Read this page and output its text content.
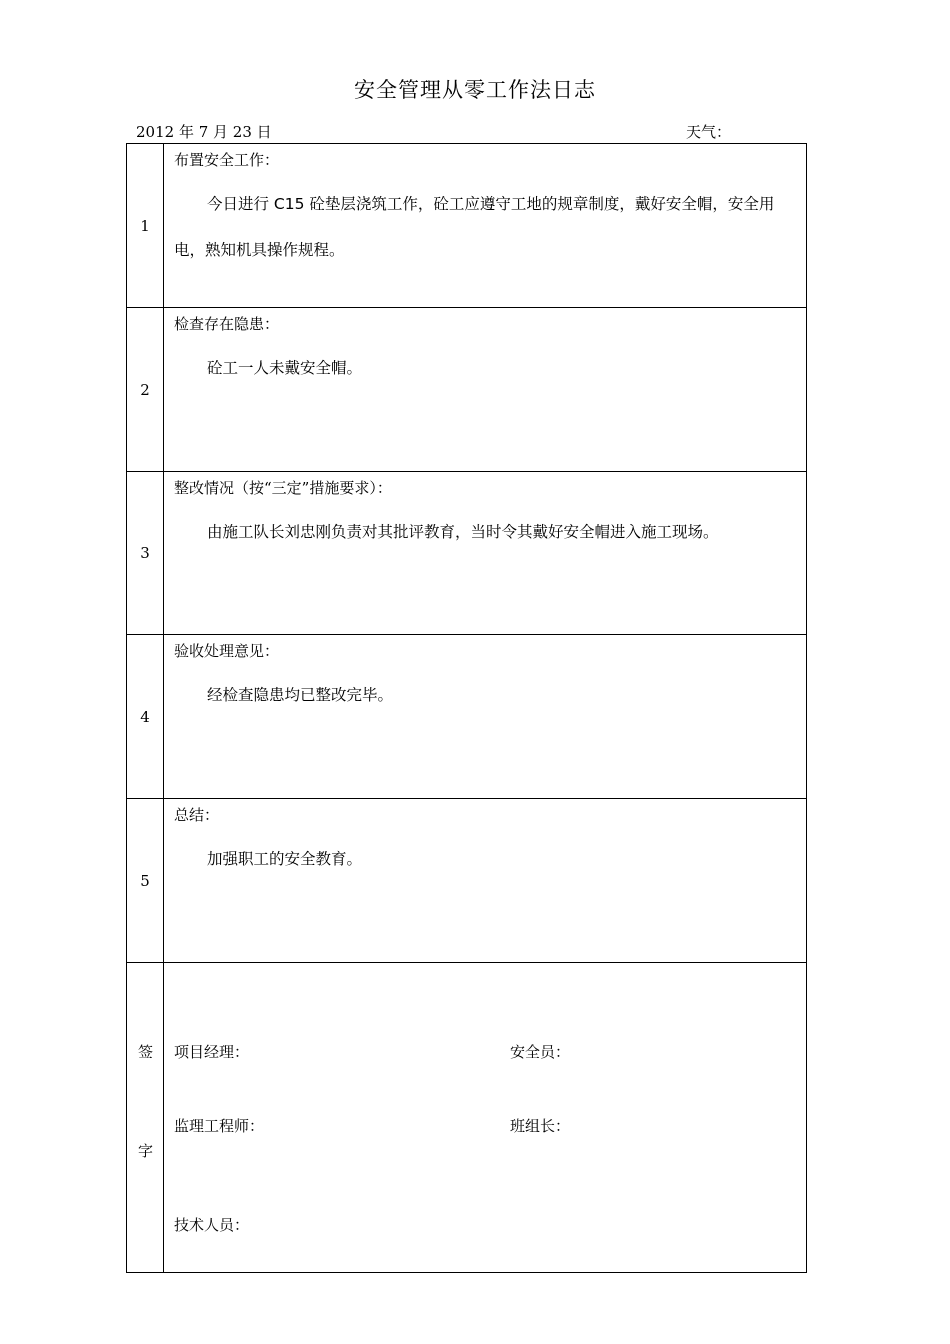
安全管理从零工作法日志
2012 年 7 月 23 日	天气：
1
布置安全工作：
今日进行 C15 砼垫层浇筑工作，砼工应遵守工地的规章制度，戴好安全帽，安全用电，熟知机具操作规程。
2
检查存在隐患：
砼工一人未戴安全帽。
3
整改情况（按“三定”措施要求）：
由施工队长刘忠刚负责对其批评教育，当时令其戴好安全帽进入施工现场。
4
验收处理意见：
经检查隐患均已整改完毕。
5
总结：
加强职工的安全教育。
签
字
项目经理：	安全员：
监理工程师：	班组长：
技术人员：
